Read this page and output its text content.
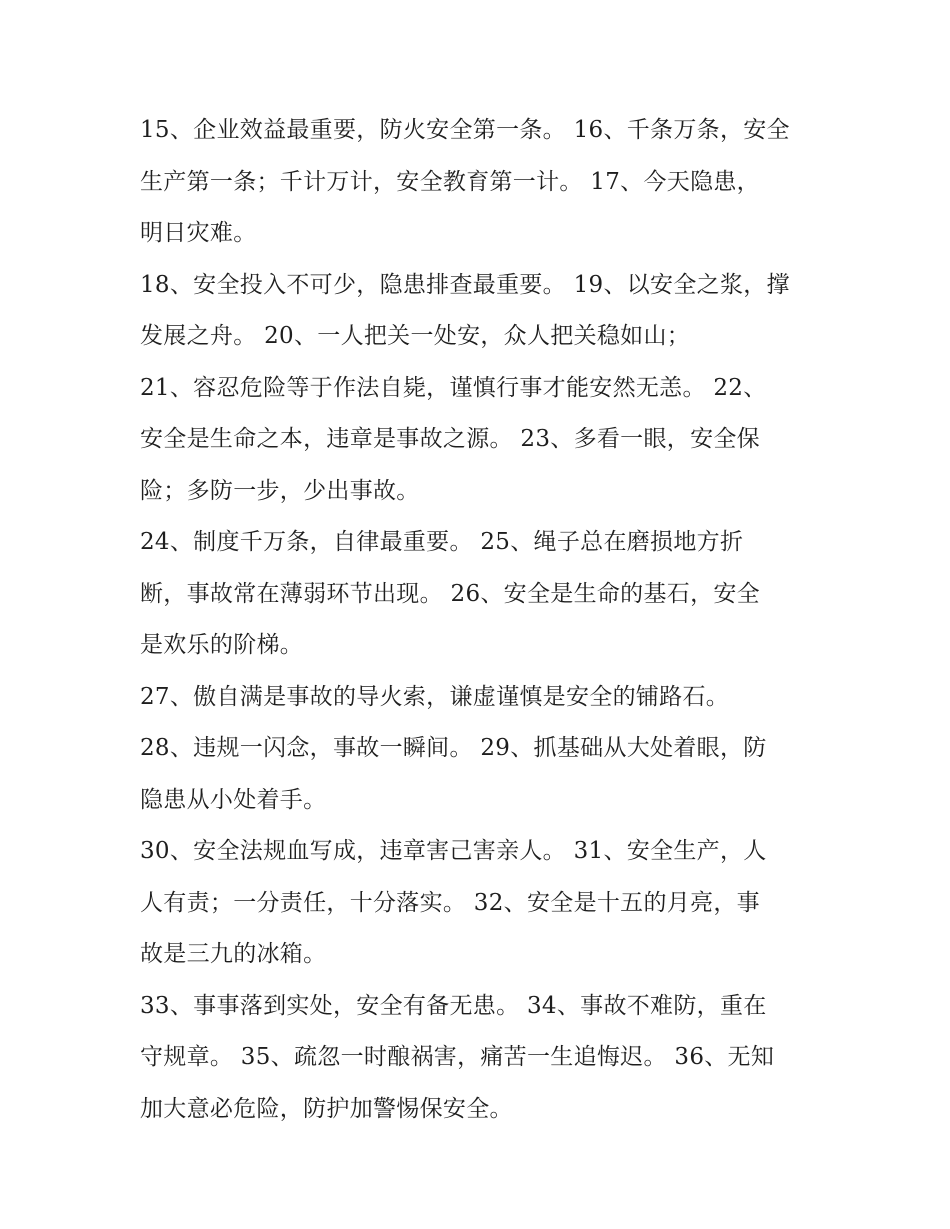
15、企业效益最重要，防火安全第一条。 16、千条万条，安全
生产第一条；千计万计，安全教育第一计。 17、今天隐患，
明日灾难。
18、安全投入不可少，隐患排查最重要。 19、以安全之浆，撑
发展之舟。 20、一人把关一处安，众人把关稳如山；
21、容忍危险等于作法自毙，谨慎行事才能安然无恙。 22、
安全是生命之本，违章是事故之源。 23、多看一眼，安全保
险；多防一步，少出事故。
24、制度千万条，自律最重要。 25、绳子总在磨损地方折
断，事故常在薄弱环节出现。 26、安全是生命的基石，安全
是欢乐的阶梯。
27、傲自满是事故的导火索，谦虚谨慎是安全的铺路石。
28、违规一闪念，事故一瞬间。 29、抓基础从大处着眼，防
隐患从小处着手。
30、安全法规血写成，违章害己害亲人。 31、安全生产，人
人有责；一分责任，十分落实。 32、安全是十五的月亮，事
故是三九的冰箱。
33、事事落到实处，安全有备无患。 34、事故不难防，重在
守规章。 35、疏忽一时酿祸害，痛苦一生追悔迟。 36、无知
加大意必危险，防护加警惕保安全。
